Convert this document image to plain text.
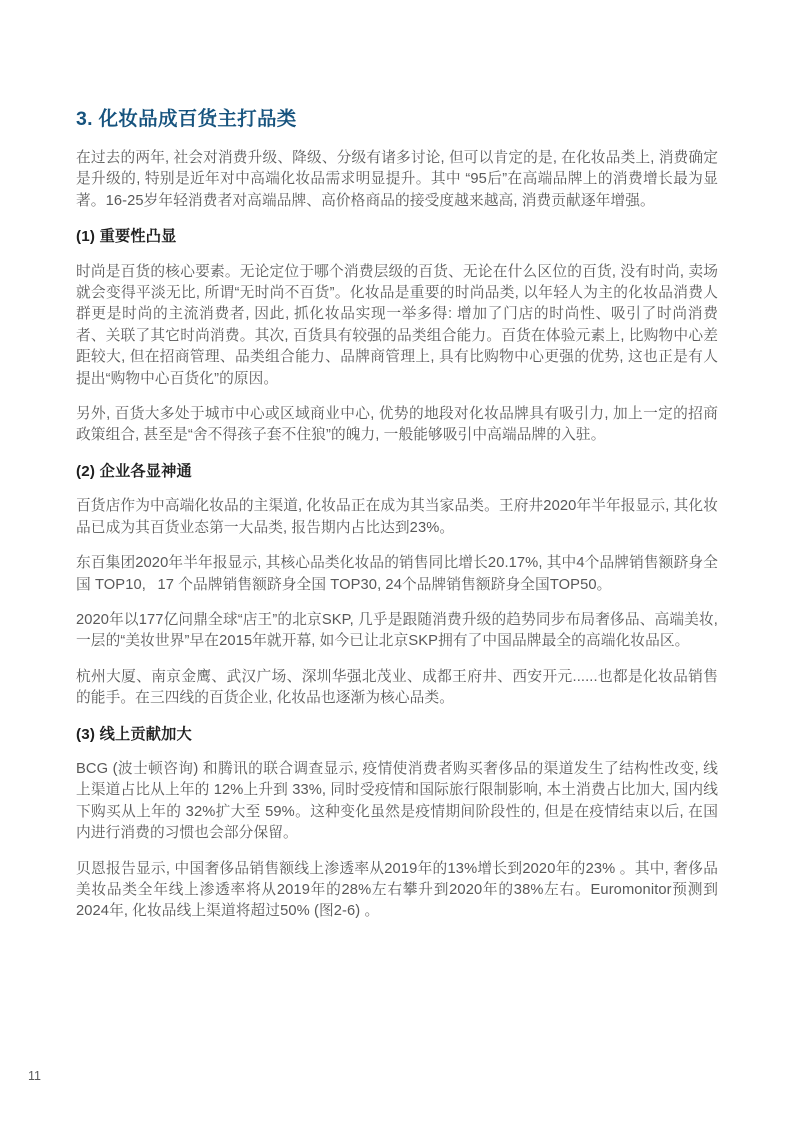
3. 化妆品成百货主打品类

在过去的两年, 社会对消费升级、降级、分级有诸多讨论, 但可以肯定的是, 在化妆品类上, 消费确定是升级的, 特别是近年对中高端化妆品需求明显提升。其中 “95后”在高端品牌上的消费增长最为显著。16-25岁年轻消费者对高端品牌、高价格商品的接受度越来越高, 消费贡献逐年增强。

(1) 重要性凸显

时尚是百货的核心要素。无论定位于哪个消费层级的百货、无论在什么区位的百货, 没有时尚, 卖场就会变得平淡无比, 所谓“无时尚不百货”。化妆品是重要的时尚品类, 以年轻人为主的化妆品消费人群更是时尚的主流消费者, 因此, 抓化妆品实现一举多得: 增加了门店的时尚性、吸引了时尚消费者、关联了其它时尚消费。其次, 百货具有较强的品类组合能力。百货在体验元素上, 比购物中心差距较大, 但在招商管理、品类组合能力、品牌商管理上, 具有比购物中心更强的优势, 这也正是有人提出“购物中心百货化”的原因。

另外, 百货大多处于城市中心或区域商业中心, 优势的地段对化妆品牌具有吸引力, 加上一定的招商政策组合, 甚至是“舍不得孩子套不住狼”的魄力, 一般能够吸引中高端品牌的入驻。

(2) 企业各显神通

百货店作为中高端化妆品的主渠道, 化妆品正在成为其当家品类。王府井2020年半年报显示, 其化妆品已成为其百货业态第一大品类, 报告期内占比达到23%。

东百集团2020年半年报显示, 其核心品类化妆品的销售同比增长20.17%, 其中4个品牌销售额跻身全国 TOP10,  17 个品牌销售额跻身全国 TOP30, 24个品牌销售额跻身全国TOP50。

2020年以177亿问鼎全球“店王”的北京SKP, 几乎是跟随消费升级的趋势同步布局奢侈品、高端美妆, 一层的“美妆世界”早在2015年就开幕, 如今已让北京SKP拥有了中国品牌最全的高端化妆品区。

杭州大厦、南京金鹰、武汉广场、深圳华强北茂业、成都王府井、西安开元......也都是化妆品销售的能手。在三四线的百货企业, 化妆品也逐渐为核心品类。

(3) 线上贡献加大

BCG (波士顿咨询) 和腾讯的联合调查显示, 疫情使消费者购买奢侈品的渠道发生了结构性改变, 线上渠道占比从上年的 12%上升到 33%, 同时受疫情和国际旅行限制影响, 本土消费占比加大, 国内线下购买从上年的 32%扩大至 59%。这种变化虽然是疫情期间阶段性的, 但是在疫情结束以后, 在国内进行消费的习惯也会部分保留。

贝恩报告显示, 中国奢侈品销售额线上渗透率从2019年的13%增长到2020年的23% 。其中, 奢侈品美妆品类全年线上渗透率将从2019年的28%左右攀升到2020年的38%左右。Euromonitor预测到2024年, 化妆品线上渠道将超过50% (图2-6) 。

11
